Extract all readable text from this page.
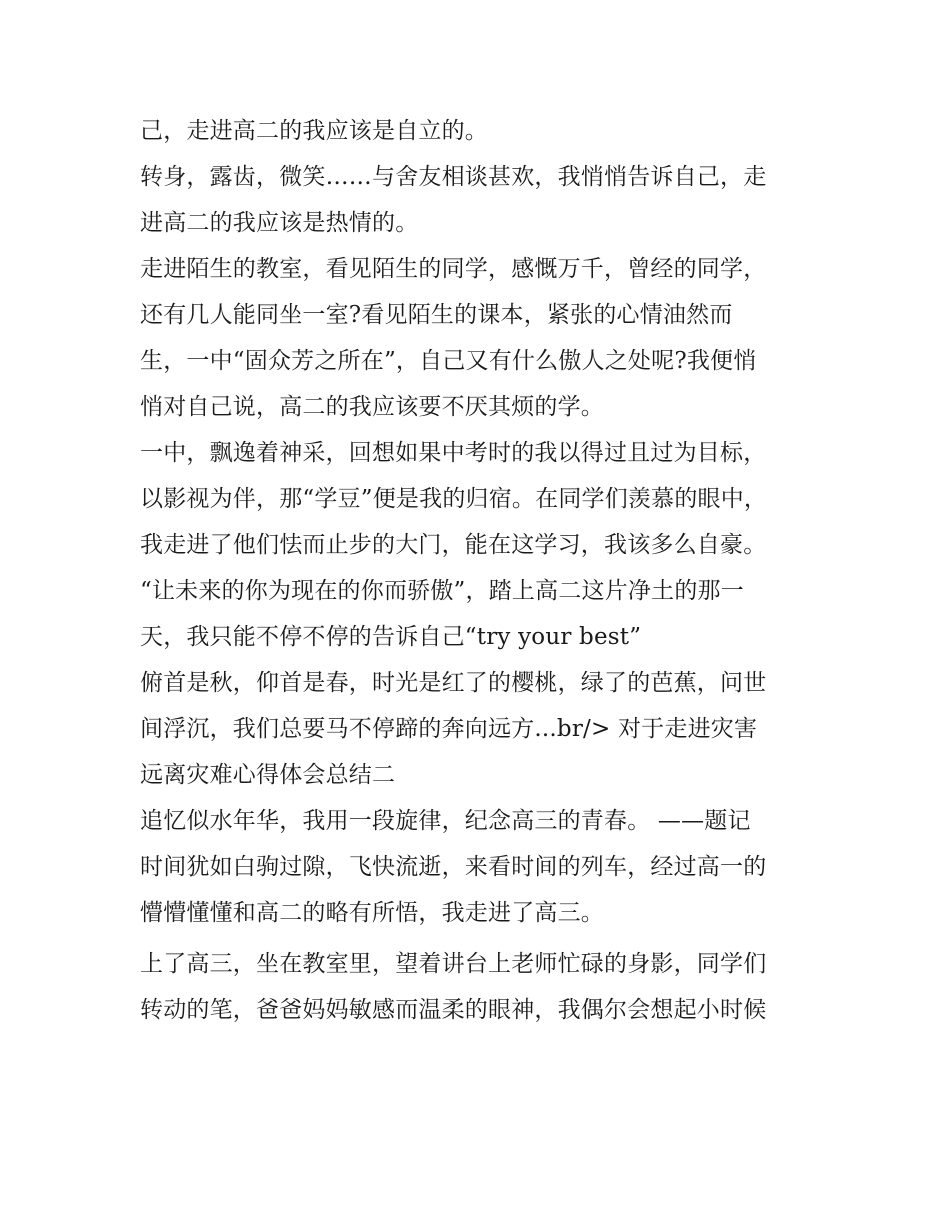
己，走进高二的我应该是自立的。
转身，露齿，微笑……与舍友相谈甚欢，我悄悄告诉自己，走
进高二的我应该是热情的。
走进陌生的教室，看见陌生的同学，感慨万千，曾经的同学，
还有几人能同坐一室?看见陌生的课本，紧张的心情油然而
生，一中“固众芳之所在”，自己又有什么傲人之处呢?我便悄
悄对自己说，高二的我应该要不厌其烦的学。
一中，飘逸着神采，回想如果中考时的我以得过且过为目标，
以影视为伴，那“学豆”便是我的归宿。在同学们羡慕的眼中，
我走进了他们怯而止步的大门，能在这学习，我该多么自豪。
“让未来的你为现在的你而骄傲”，踏上高二这片净土的那一
天，我只能不停不停的告诉自己“try your best”
俯首是秋，仰首是春，时光是红了的樱桃，绿了的芭蕉，问世
间浮沉，我们总要马不停蹄的奔向远方...br/> 对于走进灾害
远离灾难心得体会总结二
追忆似水年华，我用一段旋律，纪念高三的青春。 ——题记
时间犹如白驹过隙，飞快流逝，来看时间的列车，经过高一的
懵懵懂懂和高二的略有所悟，我走进了高三。
上了高三，坐在教室里，望着讲台上老师忙碌的身影，同学们
转动的笔，爸爸妈妈敏感而温柔的眼神，我偶尔会想起小时候
